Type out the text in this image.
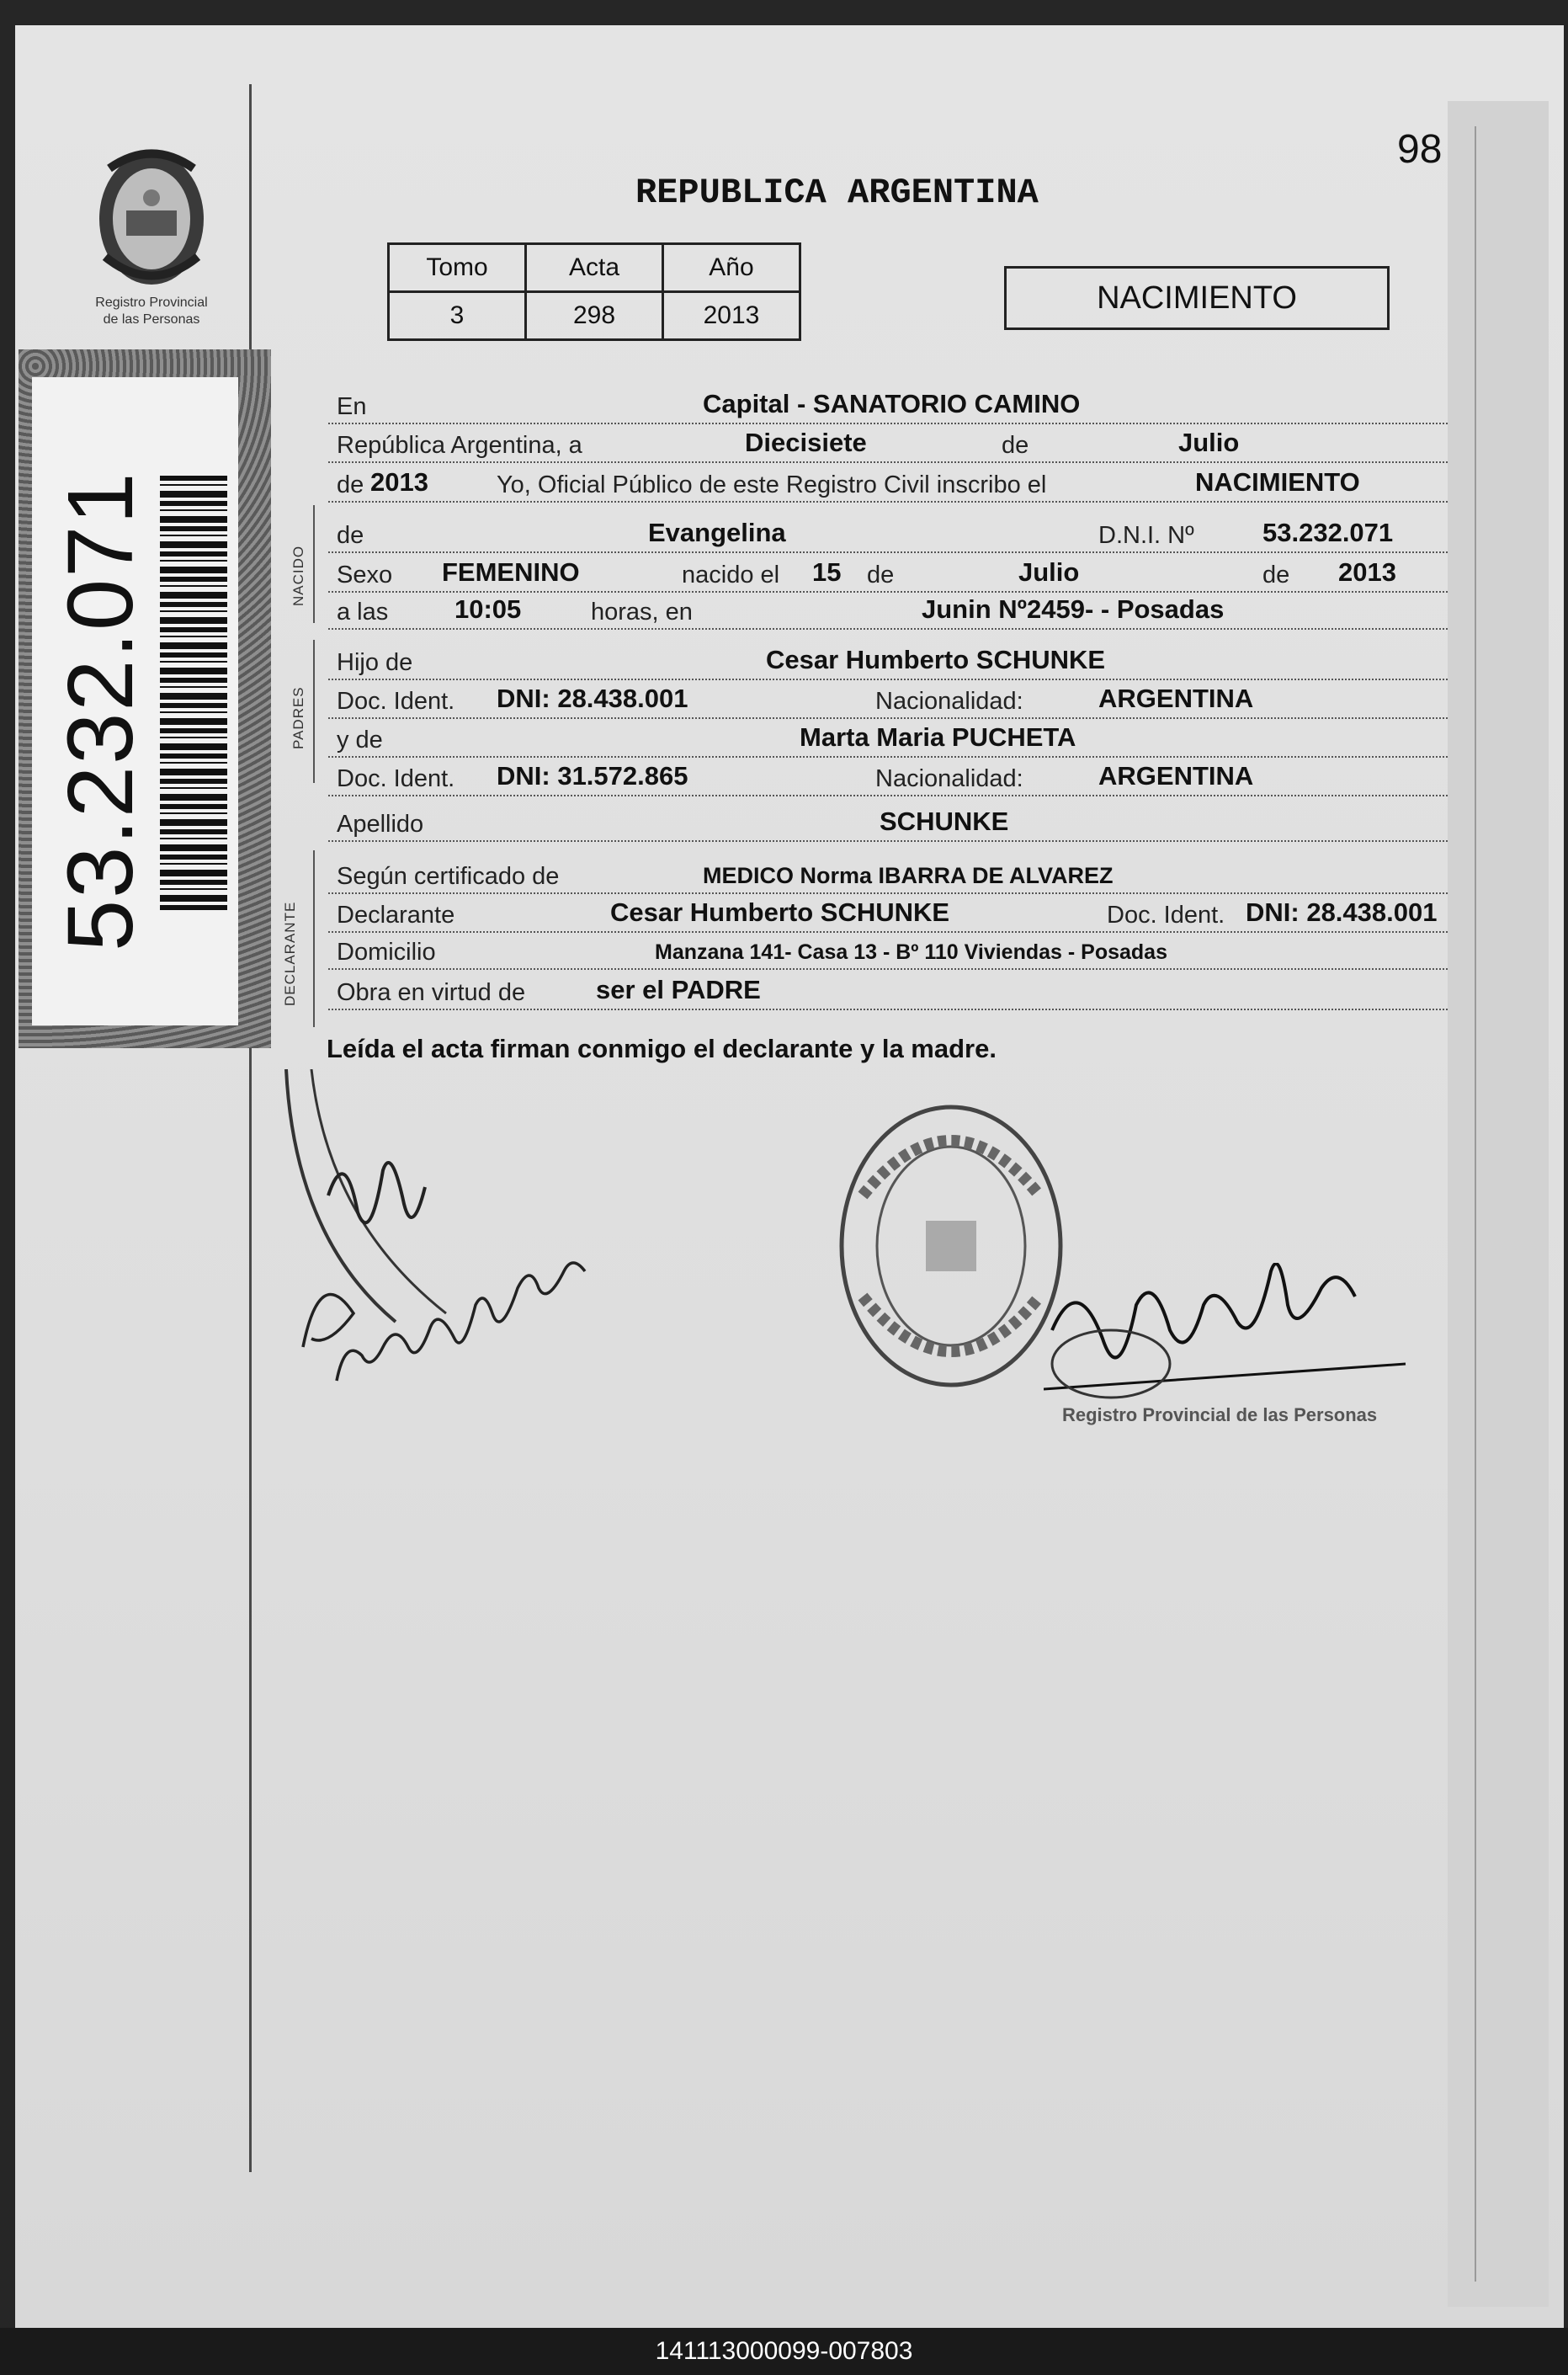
Registro Provincial
de las Personas
53.232.071	NACIDO
PADRES
DECLARANTE
98
REPUBLICA ARGENTINA
Tomo	Acta	Año
3	298	2013	NACIMIENTO
En	Capital - SANATORIO CAMINO
República Argentina, a	Diecisiete	de	Julio
de 2013	Yo, Oficial Público de este Registro Civil inscribo el	NACIMIENTO
de	Evangelina	D.N.I. Nº	53.232.071
Sexo FEMENINO	nacido el 15 de	Julio	de 2013
a las	10:05	horas, en	Junin Nº2459- - Posadas
Hijo de	Cesar Humberto SCHUNKE
Doc. Ident. DNI: 28.438.001	Nacionalidad:	ARGENTINA
y de	Marta Maria PUCHETA
Doc. Ident. DNI: 31.572.865	Nacionalidad:	ARGENTINA
Apellido	SCHUNKE
Según certificado de	MEDICO Norma IBARRA DE ALVAREZ
Declarante	Cesar Humberto SCHUNKE	Doc. Ident. DNI: 28.438.001
Domicilio	Manzana 141- Casa 13 - Bº 110 Viviendas - Posadas
Obra en virtud de	ser el PADRE
Leída el acta firman conmigo el declarante y la madre.
Registro Provincial de las Personas
141113000099-007803
